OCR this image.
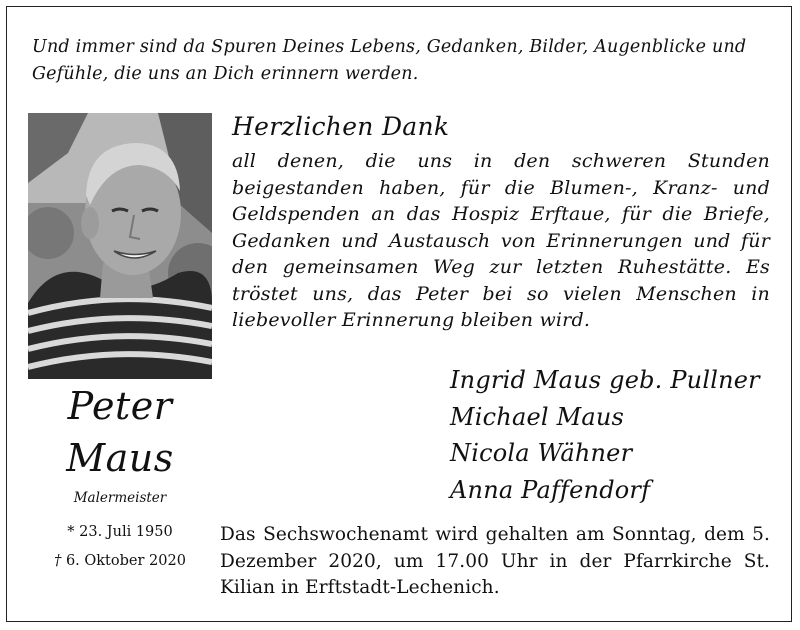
Und immer sind da Spuren Deines Lebens, Gedanken, Bilder, Augenblicke und Gefühle, die uns an Dich erinnern werden.
Peter
Maus
Malermeister
* 23. Juli 1950
† 6. Oktober 2020
Herzlichen Dank
all denen, die uns in den schweren Stunden beigestanden haben, für die Blumen-, Kranz- und Geldspenden an das Hospiz Erftaue, für die Briefe, Gedanken und Austausch von Erinnerungen und für den gemeinsamen Weg zur letzten Ruhestätte. Es tröstet uns, das Peter bei so vielen Menschen in liebevoller Erinnerung bleiben wird.
Ingrid Maus geb. Pullner
Michael Maus
Nicola Wähner
Anna Paffendorf
Das Sechswochenamt wird gehalten am Sonntag, dem 5. Dezember 2020, um 17.00 Uhr in der Pfarrkirche St. Kilian in Erftstadt-Lechenich.
